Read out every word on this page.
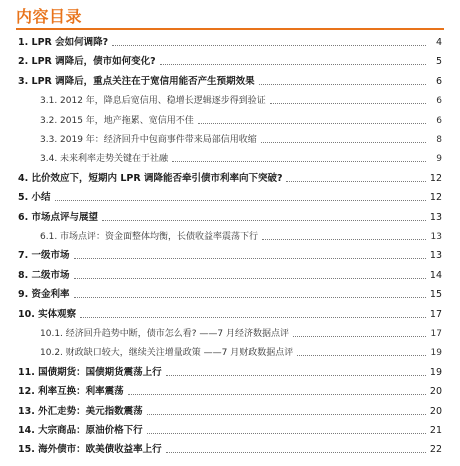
内容目录
1. LPR 会如何调降?	4
2. LPR 调降后，债市如何变化?	5
3. LPR 调降后，重点关注在于宽信用能否产生预期效果	6
3.1. 2012 年，降息后宽信用、稳增长逻辑逐步得到验证	6
3.2. 2015 年，地产拖累、宽信用不佳	6
3.3. 2019 年：经济回升中包商事件带来局部信用收缩	8
3.4. 未来利率走势关键在于社融	9
4. 比价效应下，短期内 LPR 调降能否牵引债市利率向下突破?	12
5. 小结	12
6. 市场点评与展望	13
6.1. 市场点评：资金面整体均衡，长债收益率震荡下行	13
7. 一级市场	13
8. 二级市场	14
9. 资金利率	15
10. 实体观察	17
10.1. 经济回升趋势中断，债市怎么看? ——7 月经济数据点评	17
10.2. 财政缺口较大，继续关注增量政策 ——7 月财政数据点评	19
11. 国债期货：国债期货震荡上行	19
12. 利率互换：利率震荡	20
13. 外汇走势：美元指数震荡	20
14. 大宗商品：原油价格下行	21
15. 海外债市：欧美债收益率上行	22
